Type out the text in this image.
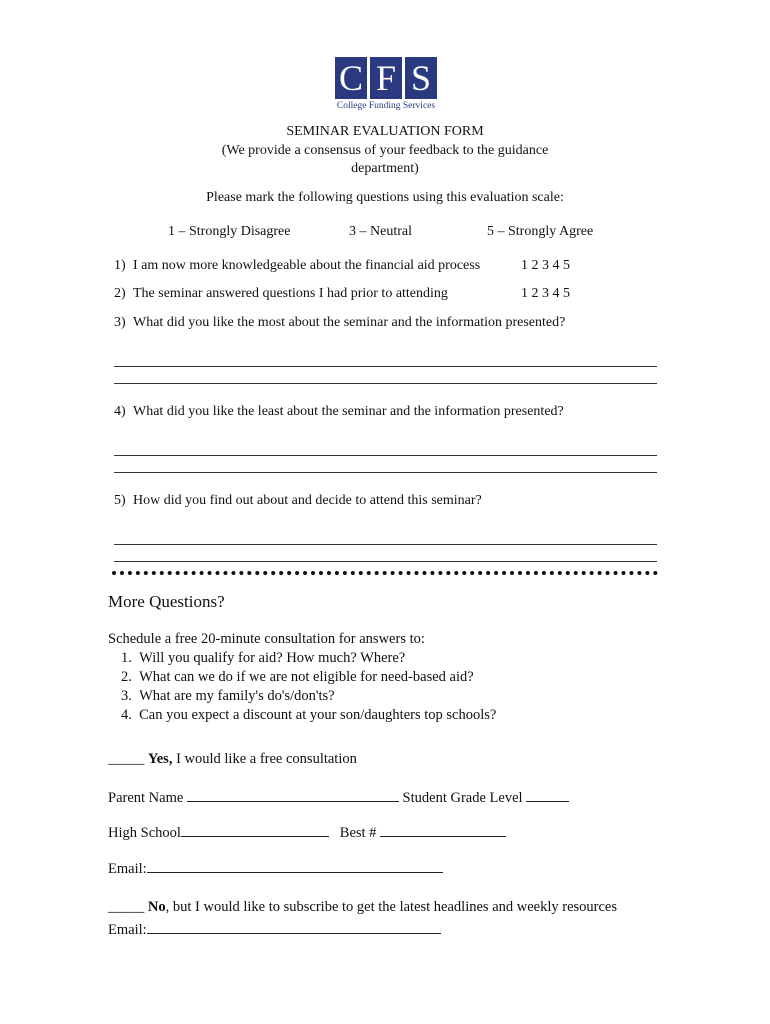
C F S
College Funding Services
SEMINAR EVALUATION FORM
(We provide a consensus of your feedback to the guidance
department)
Please mark the following questions using this evaluation scale:
1 – Strongly Disagree	3 – Neutral	5 – Strongly Agree
1) I am now more knowledgeable about the financial aid process	1 2 3 4 5
2) The seminar answered questions I had prior to attending	1 2 3 4 5
3) What did you like the most about the seminar and the information presented?
4) What did you like the least about the seminar and the information presented?
5) How did you find out about and decide to attend this seminar?
More Questions?
Schedule a free 20-minute consultation for answers to:
1.  Will you qualify for aid? How much? Where?
2.  What can we do if we are not eligible for need-based aid?
3.  What are my family's do's/don'ts?
4.  Can you expect a discount at your son/daughters top schools?
_____ Yes, I would like a free consultation
Parent Name	Student Grade Level
High School	Best #
Email:
_____ No, but I would like to subscribe to get the latest headlines and weekly resources
Email:
